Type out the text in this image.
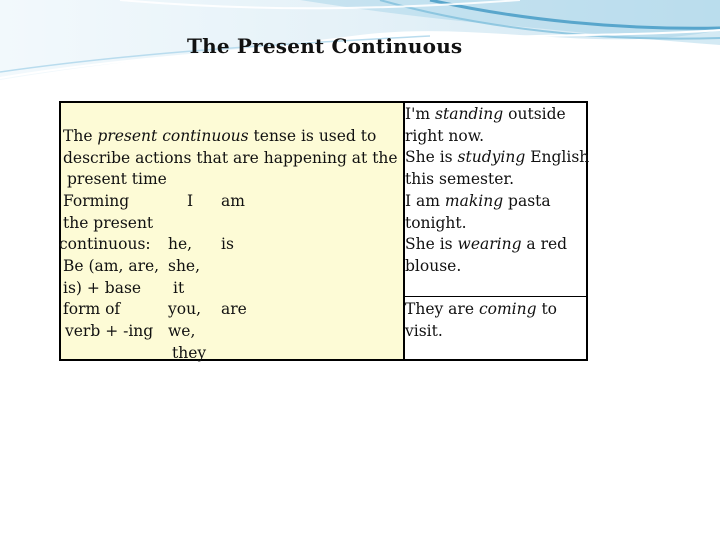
The Present Continuous
The present continuous tense is used to
describe actions that are happening at the
present time
Forming
the present
continuous:
Be (am, are,
is) + base
form of
verb + -ing
I
he,
she,
it
you,
we,
they
am
is
are
I'm standing outside
right now.
She is studying English
this semester.
I am making pasta
tonight.
She is wearing a red
blouse.
They are coming to
visit.
